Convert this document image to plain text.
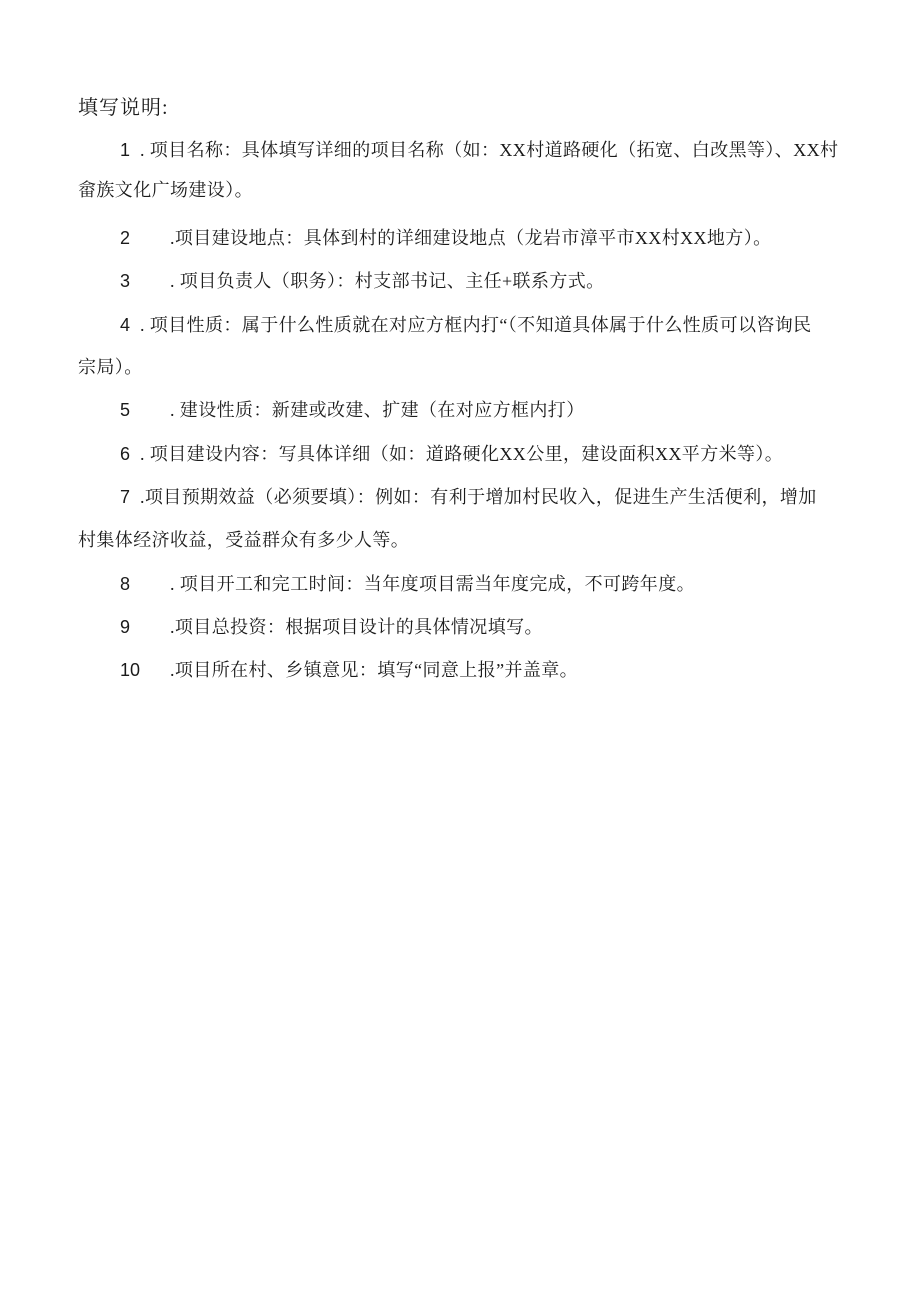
填写说明:
1 . 项目名称：具体填写详细的项目名称（如：XX村道路硬化（拓宽、白改黑等）、XX村
畲族文化广场建设）。
2 .项目建设地点：具体到村的详细建设地点（龙岩市漳平市XX村XX地方）。
3 . 项目负责人（职务）：村支部书记、主任+联系方式。
4 . 项目性质：属于什么性质就在对应方框内打“（不知道具体属于什么性质可以咨询民
宗局）。
5 . 建设性质：新建或改建、扩建（在对应方框内打）
6 . 项目建设内容：写具体详细（如：道路硬化XX公里，建设面积XX平方米等）。
7 .项目预期效益（必须要填）：例如：有利于增加村民收入，促进生产生活便利，增加
村集体经济收益，受益群众有多少人等。
8 . 项目开工和完工时间：当年度项目需当年度完成，不可跨年度。
9 .项目总投资：根据项目设计的具体情况填写。
10 .项目所在村、乡镇意见：填写“同意上报”并盖章。
